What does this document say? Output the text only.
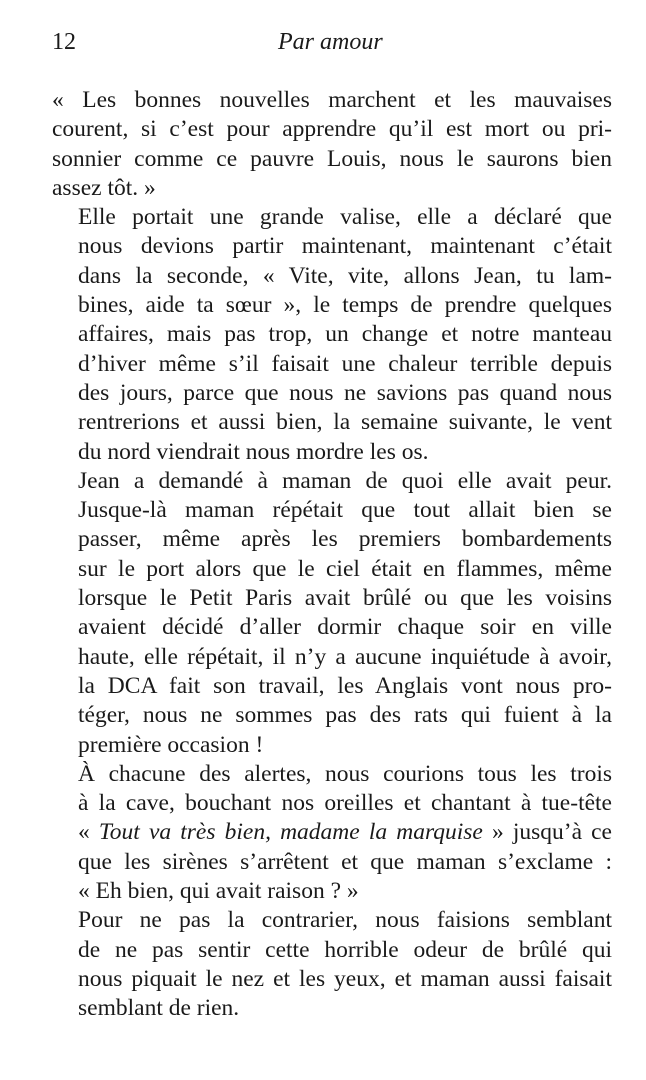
12	Par amour

« Les bonnes nouvelles marchent et les mauvaises
courent, si c’est pour apprendre qu’il est mort ou pri-
sonnier comme ce pauvre Louis, nous le saurons bien
assez tôt. »

Elle portait une grande valise, elle a déclaré que
nous devions partir maintenant, maintenant c’était
dans la seconde, « Vite, vite, allons Jean, tu lam-
bines, aide ta sœur », le temps de prendre quelques
affaires, mais pas trop, un change et notre manteau
d’hiver même s’il faisait une chaleur terrible depuis
des jours, parce que nous ne savions pas quand nous
rentrerions et aussi bien, la semaine suivante, le vent
du nord viendrait nous mordre les os.

Jean a demandé à maman de quoi elle avait peur.
Jusque-là maman répétait que tout allait bien se
passer, même après les premiers bombardements
sur le port alors que le ciel était en flammes, même
lorsque le Petit Paris avait brûlé ou que les voisins
avaient décidé d’aller dormir chaque soir en ville
haute, elle répétait, il n’y a aucune inquiétude à avoir,
la DCA fait son travail, les Anglais vont nous pro-
téger, nous ne sommes pas des rats qui fuient à la
première occasion !

À chacune des alertes, nous courions tous les trois
à la cave, bouchant nos oreilles et chantant à tue-tête
« Tout va très bien, madame la marquise » jusqu’à ce
que les sirènes s’arrêtent et que maman s’exclame :
« Eh bien, qui avait raison ? »

Pour ne pas la contrarier, nous faisions semblant
de ne pas sentir cette horrible odeur de brûlé qui
nous piquait le nez et les yeux, et maman aussi faisait
semblant de rien.
